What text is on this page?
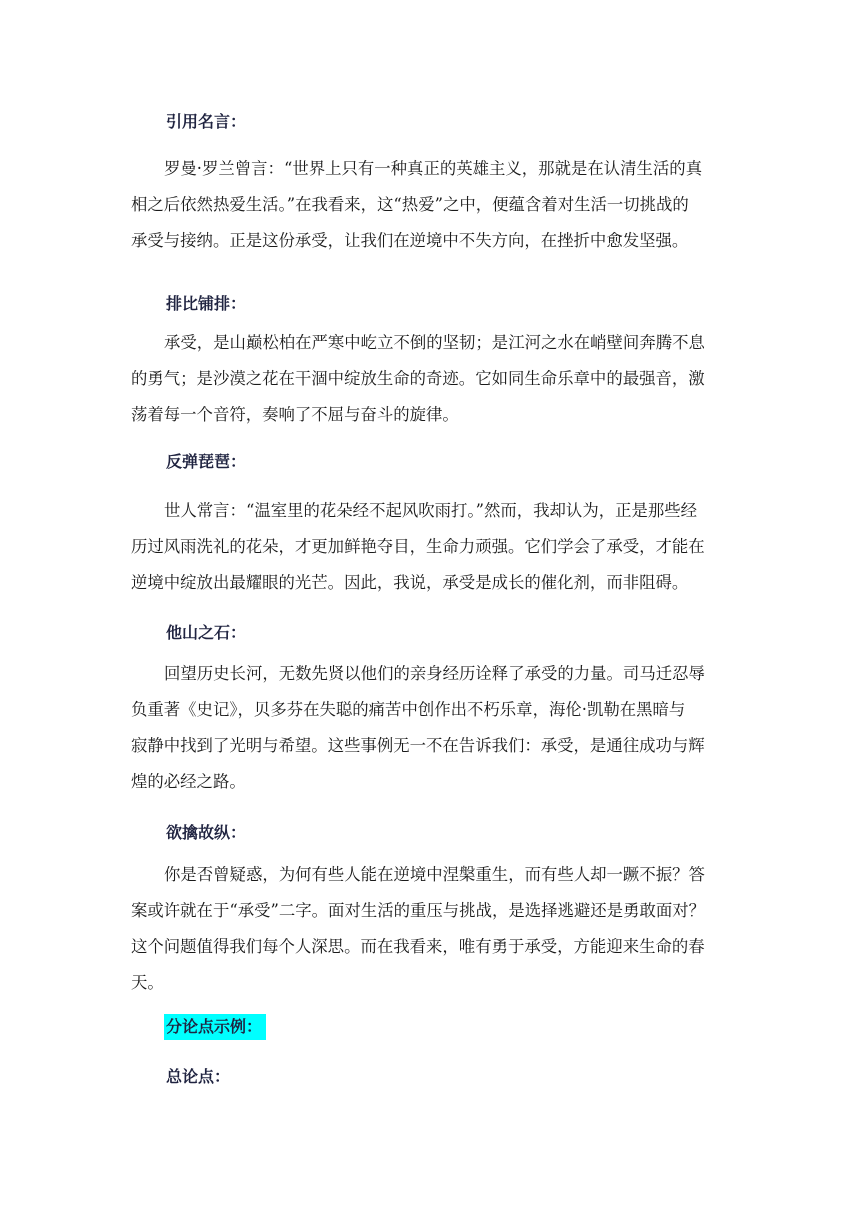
引用名言：
罗曼·罗兰曾言：“世界上只有一种真正的英雄主义，那就是在认清生活的真
相之后依然热爱生活。”在我看来，这“热爱”之中，便蕴含着对生活一切挑战的
承受与接纳。正是这份承受，让我们在逆境中不失方向，在挫折中愈发坚强。
排比铺排：
承受，是山巅松柏在严寒中屹立不倒的坚韧；是江河之水在峭壁间奔腾不息
的勇气；是沙漠之花在干涸中绽放生命的奇迹。它如同生命乐章中的最强音，激
荡着每一个音符，奏响了不屈与奋斗的旋律。
反弹琵琶：
世人常言：“温室里的花朵经不起风吹雨打。”然而，我却认为，正是那些经
历过风雨洗礼的花朵，才更加鲜艳夺目，生命力顽强。它们学会了承受，才能在
逆境中绽放出最耀眼的光芒。因此，我说，承受是成长的催化剂，而非阻碍。
他山之石：
回望历史长河，无数先贤以他们的亲身经历诠释了承受的力量。司马迁忍辱
负重著《史记》，贝多芬在失聪的痛苦中创作出不朽乐章，海伦·凯勒在黑暗与
寂静中找到了光明与希望。这些事例无一不在告诉我们：承受，是通往成功与辉
煌的必经之路。
欲擒故纵：
你是否曾疑惑，为何有些人能在逆境中涅槃重生，而有些人却一蹶不振？答
案或许就在于“承受”二字。面对生活的重压与挑战，是选择逃避还是勇敢面对？
这个问题值得我们每个人深思。而在我看来，唯有勇于承受，方能迎来生命的春
天。
分论点示例：
总论点：
